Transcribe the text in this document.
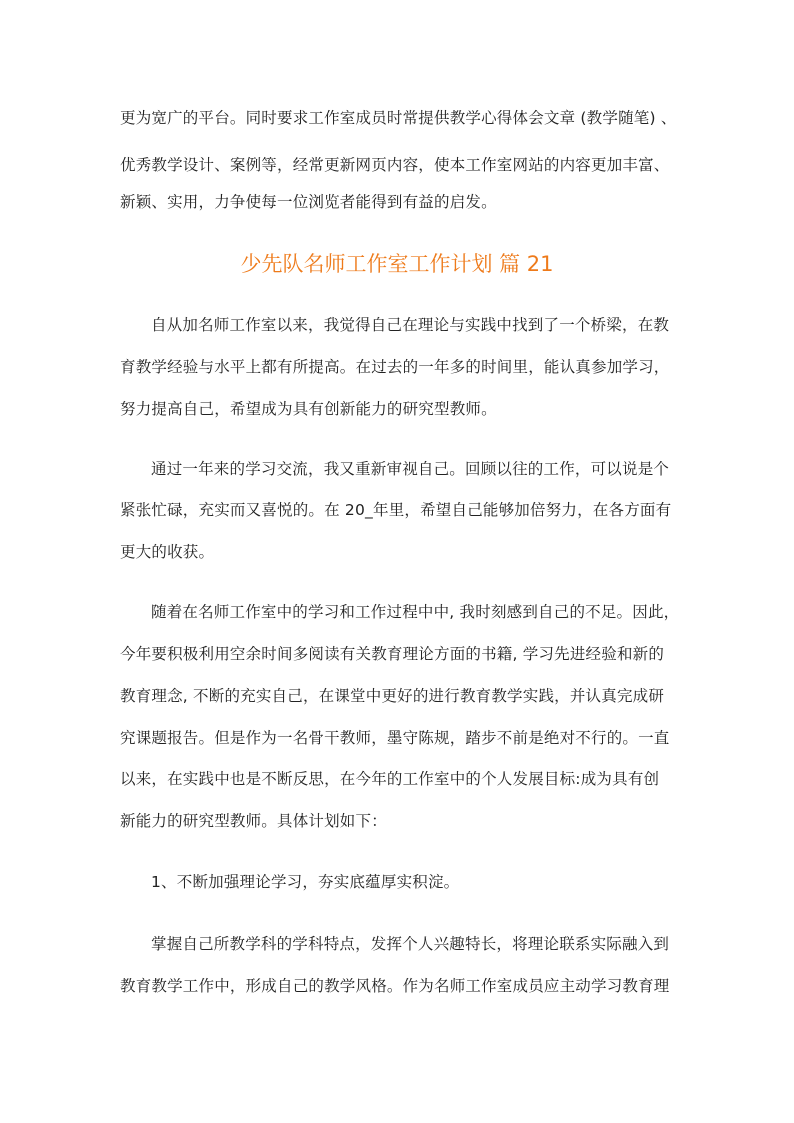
更为宽广的平台。同时要求工作室成员时常提供教学心得体会文章 (教学随笔) 、
优秀教学设计、案例等，经常更新网页内容，使本工作室网站的内容更加丰富、
新颖、实用，力争使每一位浏览者能得到有益的启发。
少先队名师工作室工作计划 篇 21
自从加名师工作室以来，我觉得自己在理论与实践中找到了一个桥梁，在教
育教学经验与水平上都有所提高。在过去的一年多的时间里，能认真参加学习，
努力提高自己，希望成为具有创新能力的研究型教师。
通过一年来的学习交流，我又重新审视自己。回顾以往的工作，可以说是个
紧张忙碌，充实而又喜悦的。在 20_年里，希望自己能够加倍努力，在各方面有
更大的收获。
随着在名师工作室中的学习和工作过程中中, 我时刻感到自己的不足。因此，
今年要积极利用空余时间多阅读有关教育理论方面的书籍, 学习先进经验和新的
教育理念, 不断的充实自己，在课堂中更好的进行教育教学实践，并认真完成研
究课题报告。但是作为一名骨干教师，墨守陈规，踏步不前是绝对不行的。一直
以来，在实践中也是不断反思，在今年的工作室中的个人发展目标:成为具有创
新能力的研究型教师。具体计划如下：
1、不断加强理论学习，夯实底蕴厚实积淀。
掌握自己所教学科的学科特点，发挥个人兴趣特长，将理论联系实际融入到
教育教学工作中，形成自己的教学风格。作为名师工作室成员应主动学习教育理
